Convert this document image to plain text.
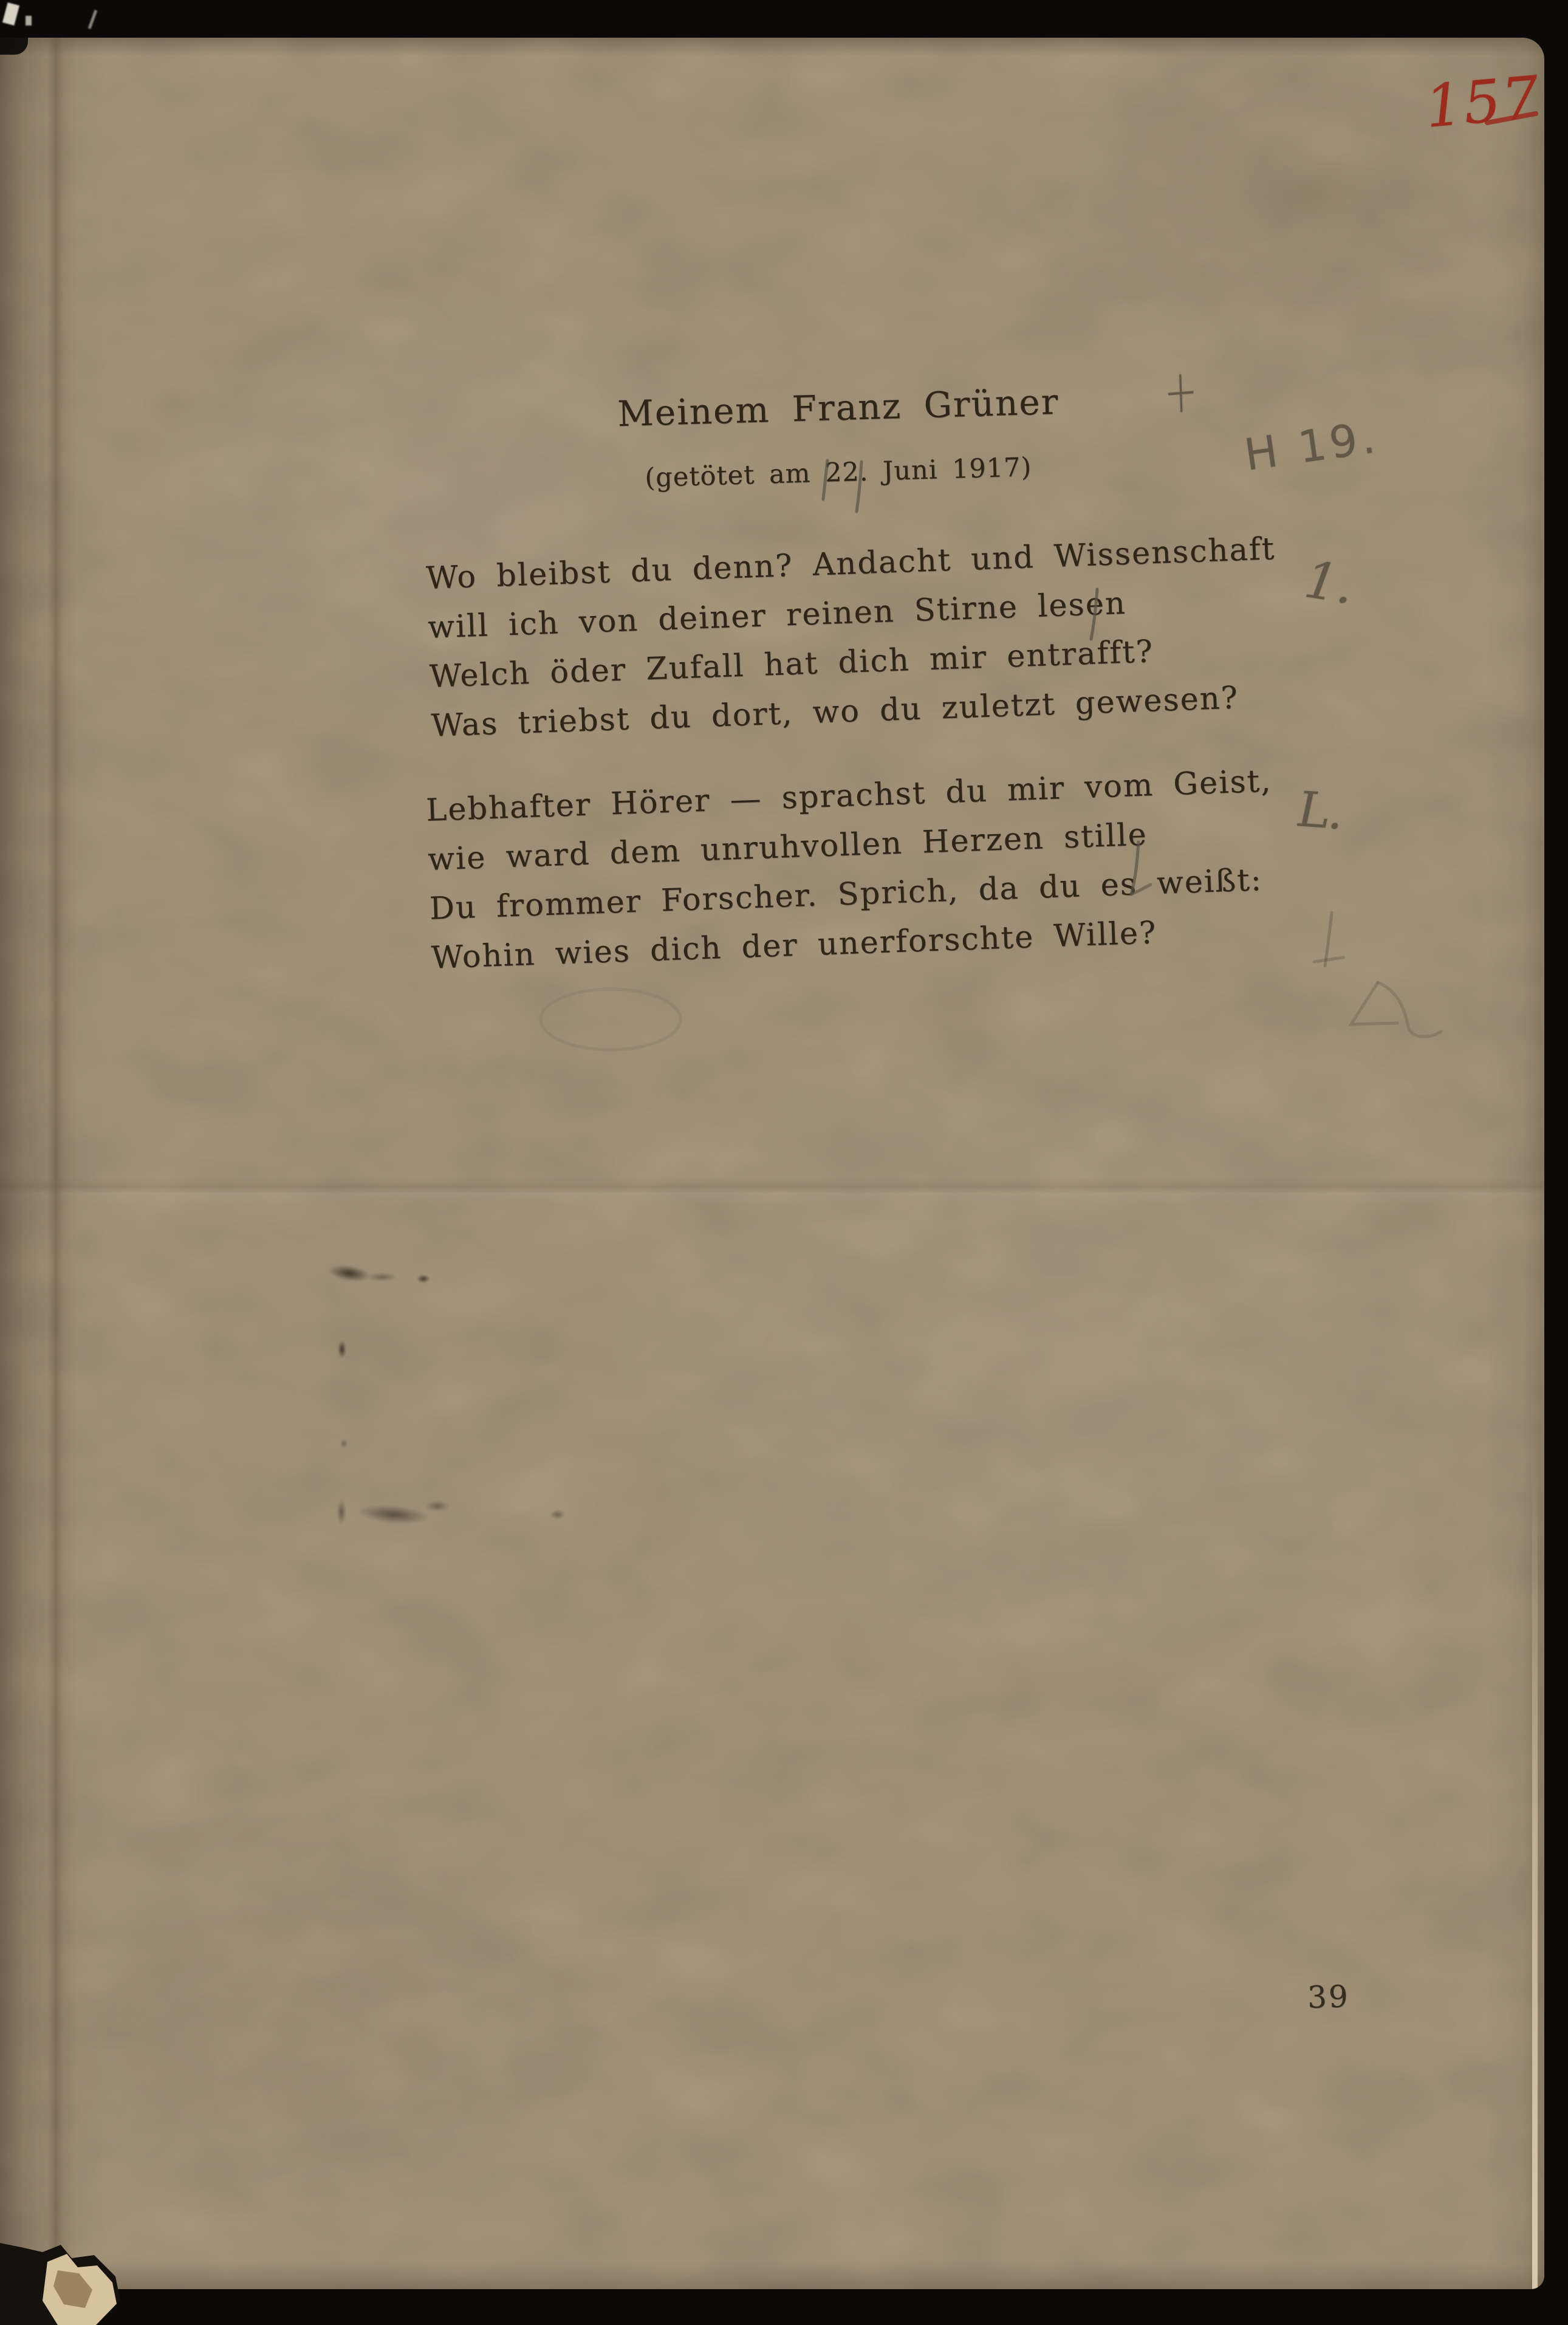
Meinem Franz Grüner
(getötet am 22. Juni 1917)
Wo bleibst du denn? Andacht und Wissenschaft
will ich von deiner reinen Stirne lesen
Welch öder Zufall hat dich mir entrafft?
Was triebst du dort, wo du zuletzt gewesen?
Lebhafter Hörer — sprachst du mir vom Geist,
wie ward dem unruhvollen Herzen stille
Du frommer Forscher. Sprich, da du es weißt:
Wohin wies dich der unerforschte Wille?
39
157
+
H 19.
1.
L.
